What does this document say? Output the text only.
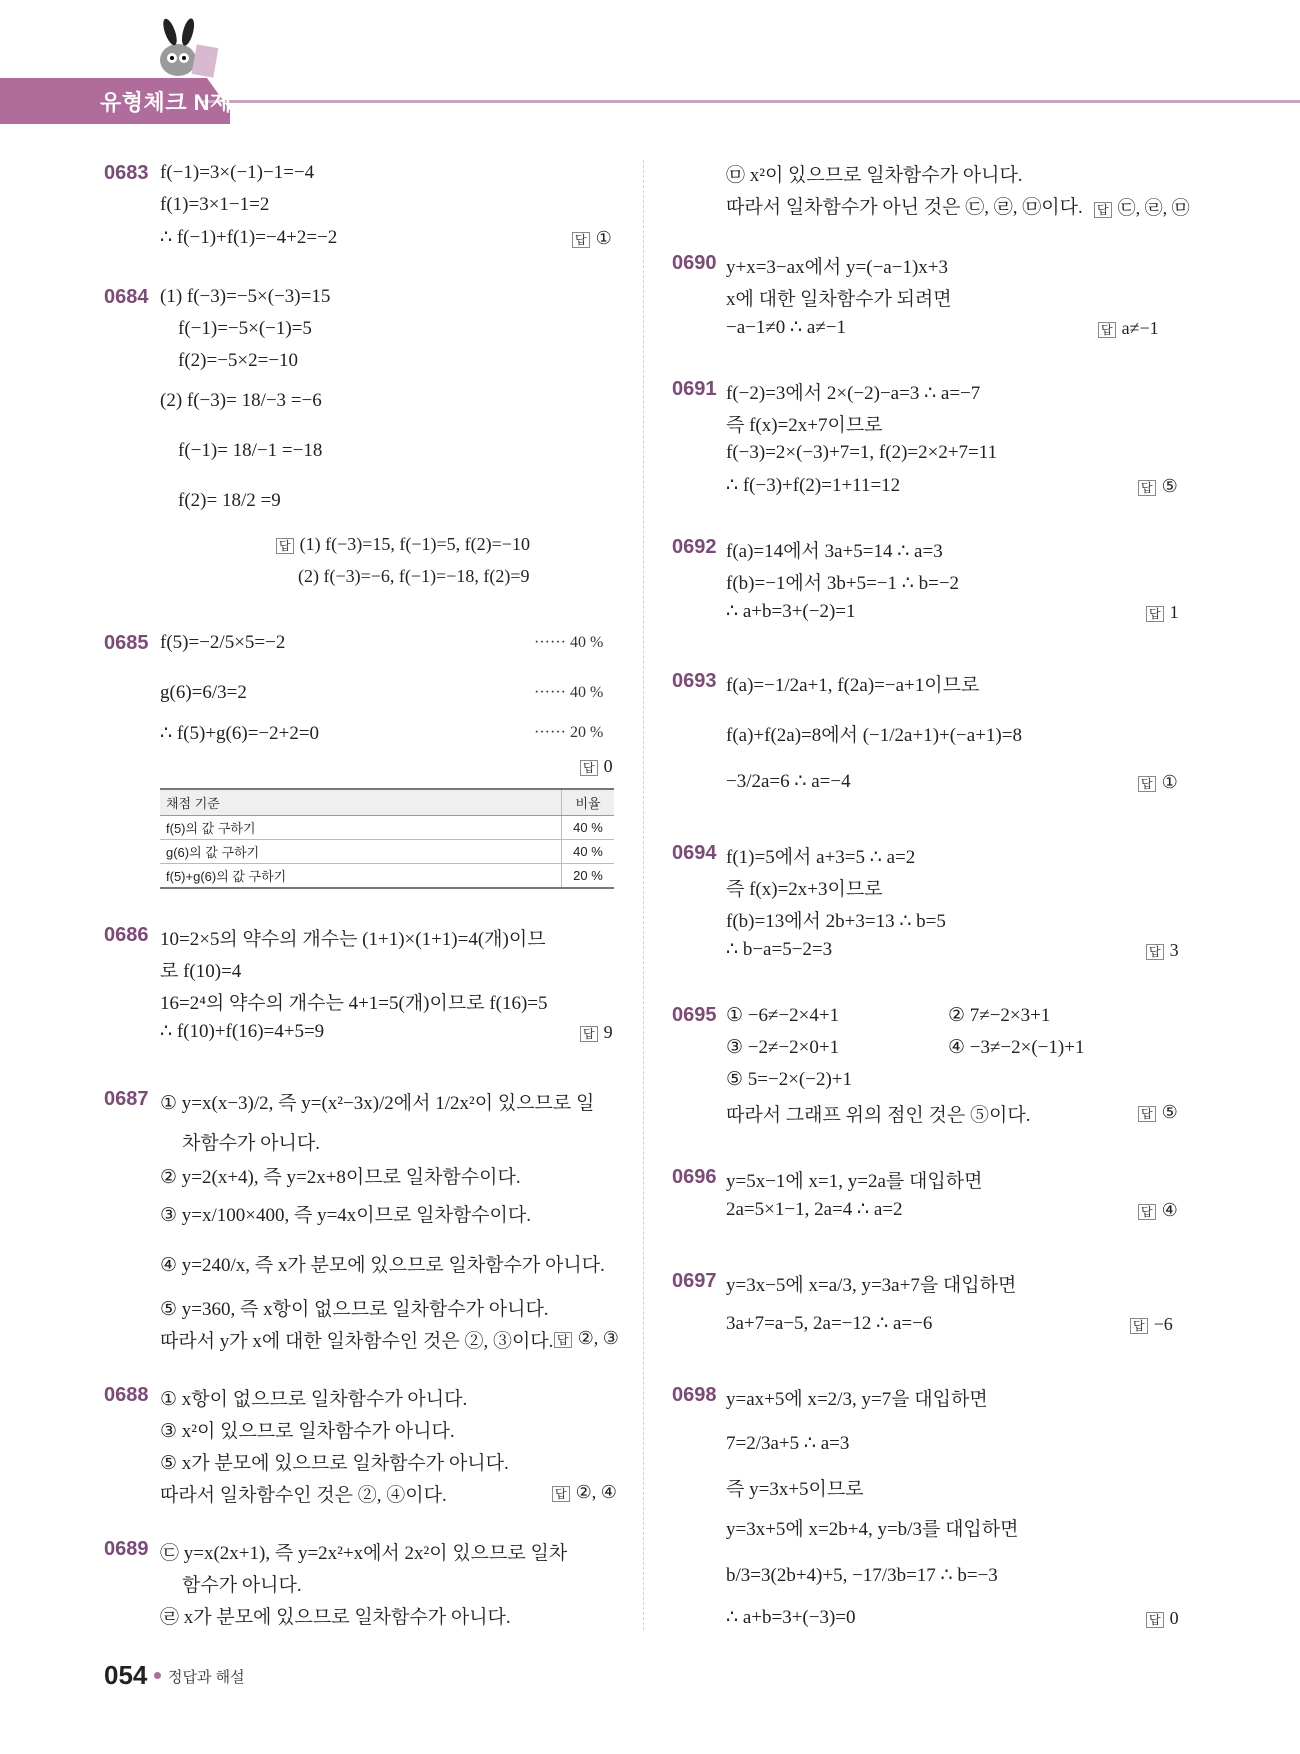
유형체크 N제
0683 f(−1)=3×(−1)−1=−4
f(1)=3×1−1=2
∴ f(−1)+f(1)=−4+2=−2	답 ①
0684 (1) f(−3)=−5×(−3)=15
f(−1)=−5×(−1)=5
f(2)=−5×2=−10
(2) f(−3)= 18/−3 =−6
f(−1)= 18/−1 =−18
f(2)= 18/2 =9
답 (1) f(−3)=15, f(−1)=5, f(2)=−10
(2) f(−3)=−6, f(−1)=−18, f(2)=9
0685 f(5)=−2/5×5=−2	······ 40 %
g(6)=6/3=2	······ 40 %
∴ f(5)+g(6)=−2+2=0	······ 20 %
답 0
채점 기준	비율
f(5)의 값 구하기	40 %
g(6)의 값 구하기	40 %
f(5)+g(6)의 값 구하기	20 %
0686 10=2×5의 약수의 개수는 (1+1)×(1+1)=4(개)이므
로 f(10)=4
16=2⁴의 약수의 개수는 4+1=5(개)이므로 f(16)=5
∴ f(10)+f(16)=4+5=9	답 9
0687 ① y=x(x−3)/2, 즉 y=(x²−3x)/2에서 1/2x²이 있으므로 일
차함수가 아니다.
② y=2(x+4), 즉 y=2x+8이므로 일차함수이다.
③ y=x/100×400, 즉 y=4x이므로 일차함수이다.
④ y=240/x, 즉 x가 분모에 있으므로 일차함수가 아니다.
⑤ y=360, 즉 x항이 없으므로 일차함수가 아니다.
따라서 y가 x에 대한 일차함수인 것은 ②, ③이다. 답 ②, ③
0688 ① x항이 없으므로 일차함수가 아니다.
③ x²이 있으므로 일차함수가 아니다.
⑤ x가 분모에 있으므로 일차함수가 아니다.
따라서 일차함수인 것은 ②, ④이다.	답 ②, ④
0689 ㉢ y=x(2x+1), 즉 y=2x²+x에서 2x²이 있으므로 일차
함수가 아니다.
㉣ x가 분모에 있으므로 일차함수가 아니다.
㉤ x²이 있으므로 일차함수가 아니다.
따라서 일차함수가 아닌 것은 ㉢, ㉣, ㉤이다. 답 ㉢, ㉣, ㉤
0690 y+x=3−ax에서 y=(−a−1)x+3
x에 대한 일차함수가 되려면
−a−1≠0 ∴ a≠−1	답 a≠−1
0691 f(−2)=3에서 2×(−2)−a=3 ∴ a=−7
즉 f(x)=2x+7이므로
f(−3)=2×(−3)+7=1, f(2)=2×2+7=11
∴ f(−3)+f(2)=1+11=12	답 ⑤
0692 f(a)=14에서 3a+5=14 ∴ a=3
f(b)=−1에서 3b+5=−1 ∴ b=−2
∴ a+b=3+(−2)=1	답 1
0693 f(a)=−1/2a+1, f(2a)=−a+1이므로
f(a)+f(2a)=8에서 (−1/2a+1)+(−a+1)=8
−3/2a=6 ∴ a=−4	답 ①
0694 f(1)=5에서 a+3=5 ∴ a=2
즉 f(x)=2x+3이므로
f(b)=13에서 2b+3=13 ∴ b=5
∴ b−a=5−2=3	답 3
0695 ① −6≠−2×4+1	② 7≠−2×3+1
③ −2≠−2×0+1	④ −3≠−2×(−1)+1
⑤ 5=−2×(−2)+1
따라서 그래프 위의 점인 것은 ⑤이다.	답 ⑤
0696 y=5x−1에 x=1, y=2a를 대입하면
2a=5×1−1, 2a=4 ∴ a=2	답 ④
0697 y=3x−5에 x=a/3, y=3a+7을 대입하면
3a+7=a−5, 2a=−12 ∴ a=−6	답 −6
0698 y=ax+5에 x=2/3, y=7을 대입하면
7=2/3a+5 ∴ a=3
즉 y=3x+5이므로
y=3x+5에 x=2b+4, y=b/3를 대입하면
b/3=3(2b+4)+5, −17/3b=17 ∴ b=−3
∴ a+b=3+(−3)=0	답 0
054 정답과 해설
